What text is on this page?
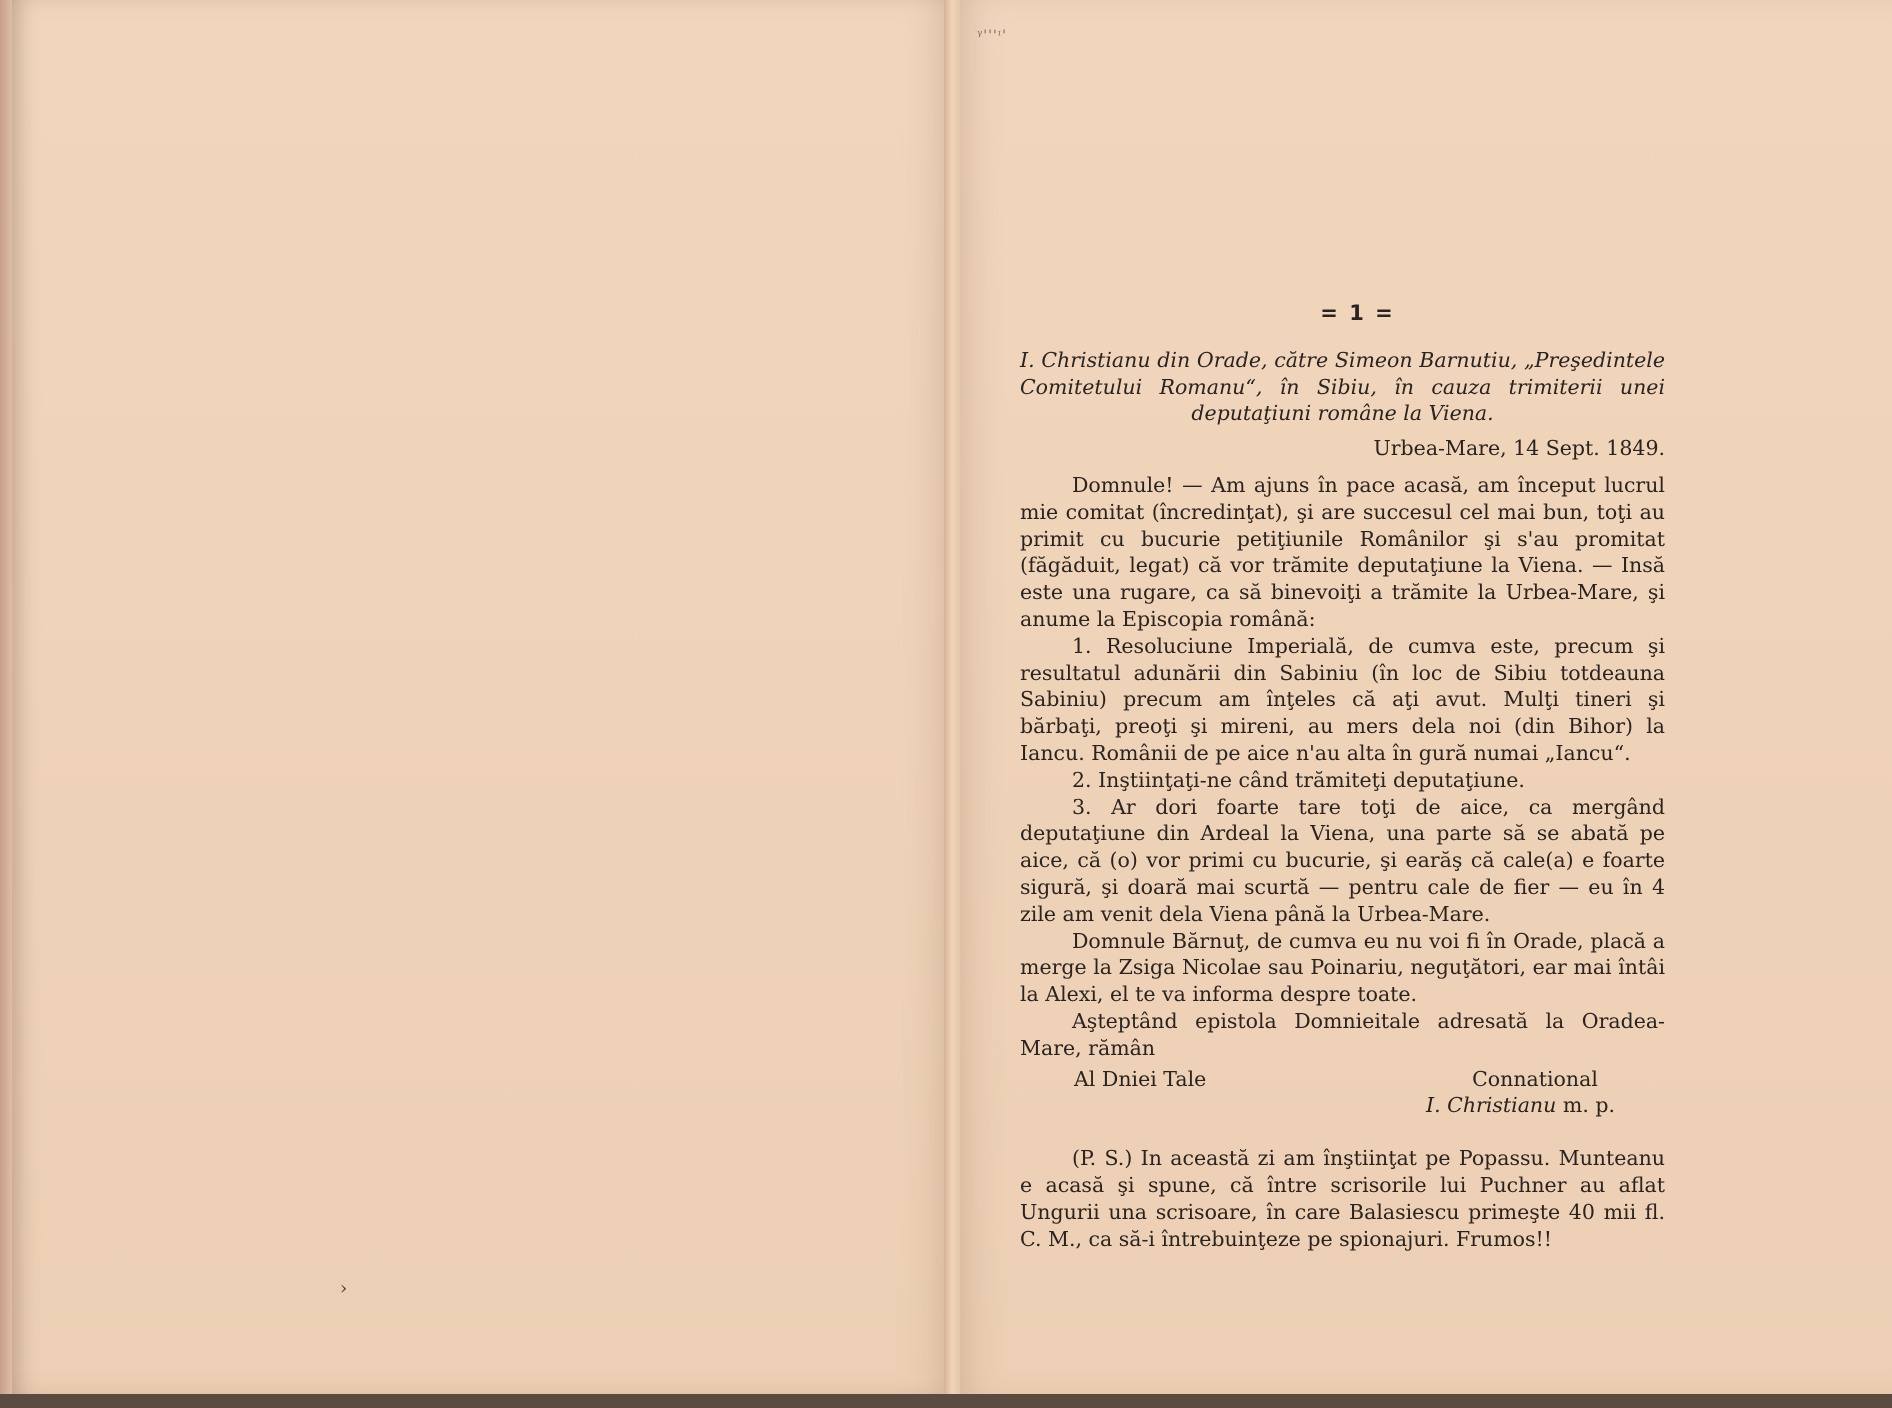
ᵞ'''ᶦ'
›
= 1 =

I. Christianu din Orade, către Simeon Barnutiu, „Preşedintele Comitetului Romanu“, în Sibiu, în cauza trimiterii unei deputaţiuni române la Viena.

Urbea-Mare, 14 Sept. 1849.

Domnule! — Am ajuns în pace acasă, am început lucrul mie comitat (încredinţat), şi are succesul cel mai bun, toţi au primit cu bucurie petiţiunile Românilor şi s'au promitat (făgăduit, legat) că vor trămite deputaţiune la Viena. — Insă este una rugare, ca să binevoiţi a trămite la Urbea-Mare, şi anume la Episcopia română:

1. Resoluciune Imperială, de cumva este, precum şi resultatul adunării din Sabiniu (în loc de Sibiu totdeauna Sabiniu) precum am înţeles că aţi avut. Mulţi tineri şi bărbaţi, preoţi şi mireni, au mers dela noi (din Bihor) la Iancu. Românii de pe aice n'au alta în gură numai „Iancu“.

2. Inştiinţaţi-ne când trămiteţi deputaţiune.

3. Ar dori foarte tare toţi de aice, ca mergând deputaţiune din Ardeal la Viena, una parte să se abată pe aice, că (o) vor primi cu bucurie, şi earăş că cale(a) e foarte sigură, şi doară mai scurtă — pentru cale de fier — eu în 4 zile am venit dela Viena până la Urbea-Mare.

Domnule Bărnuţ, de cumva eu nu voi fi în Orade, placă a merge la Zsiga Nicolae sau Poinariu, neguţători, ear mai întâi la Alexi, el te va informa despre toate.

Aşteptând epistola Domnieitale adresată la Oradea-Mare, rămân

Al Dniei Tale	Connational
I. Christianu m. p.

(P. S.) In această zi am înştiinţat pe Popassu. Munteanu e acasă şi spune, că între scrisorile lui Puchner au aflat Ungurii una scrisoare, în care Balasiescu primeşte 40 mii fl. C. M., ca să-i întrebuinţeze pe spionajuri. Frumos!!
